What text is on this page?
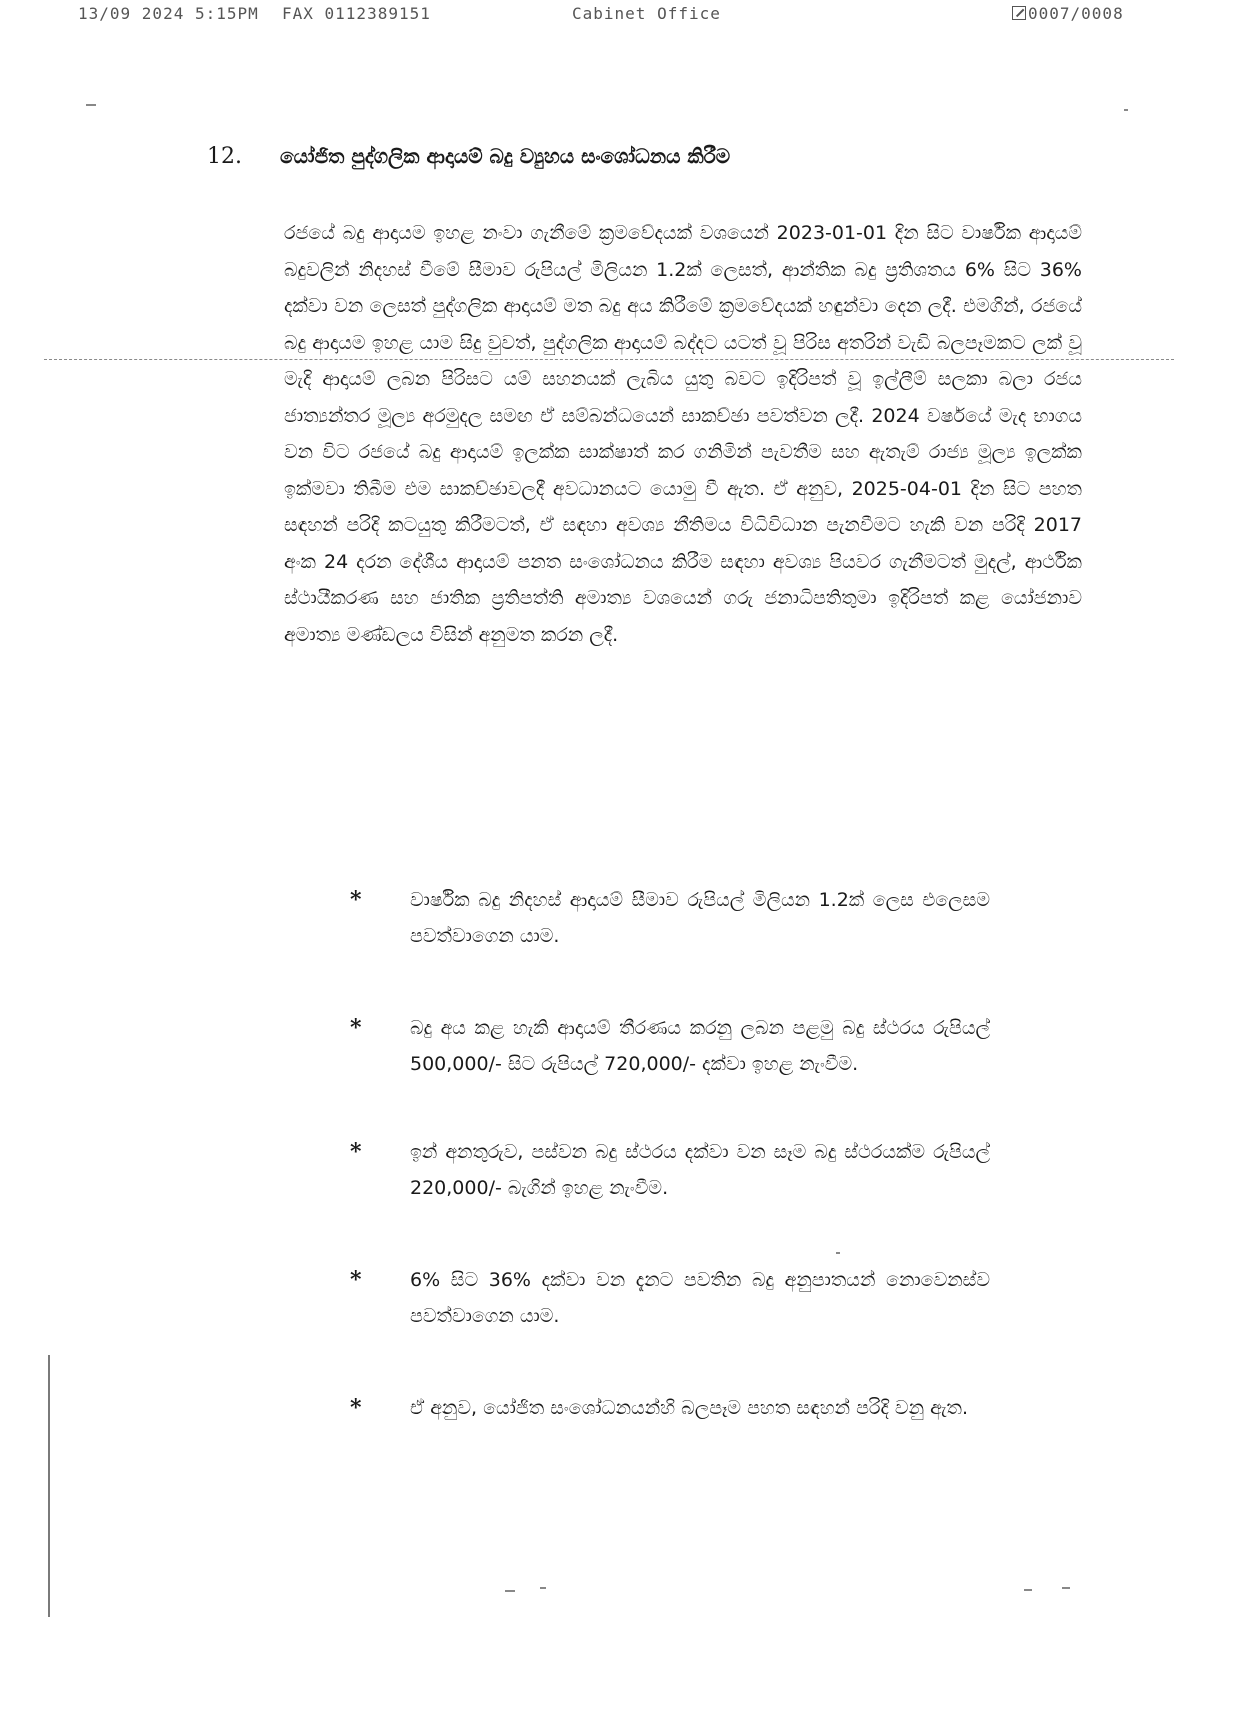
13/09 2024 5:15PM FAX 0112389151	Cabinet Office	0007/0008
12. යෝජිත පුද්ගලික ආදායම් බදු ව්‍යුහය සංශෝධනය කිරීම

රජයේ බදු ආදායම ඉහළ නංවා ගැනීමේ ක්‍රමවේදයක් වශයෙන් 2023-01-01 දින සිට වාර්ෂික ආදායම් බදුවලින් නිදහස් වීමේ සීමාව රුපියල් මිලියන 1.2ක් ලෙසත්, ආන්තික බදු ප්‍රතිශතය 6% සිට 36% දක්වා වන ලෙසත් පුද්ගලික ආදායම් මත බදු අය කිරීමේ ක්‍රමවේදයක් හඳුන්වා දෙන ලදී. එමගින්, රජයේ බදු ආදායම ඉහළ යාම සිදු වුවත්, පුද්ගලික ආදායම් බද්දට යටත් වූ පිරිස අතරින් වැඩි බලපෑමකට ලක් වූ මැදි ආදායම් ලබන පිරිසට යම් සහනයක් ලැබිය යුතු බවට ඉදිරිපත් වූ ඉල්ලීම් සලකා බලා රජය ජාත්‍යන්තර මූල්‍ය අරමුදල සමඟ ඒ සම්බන්ධයෙන් සාකච්ඡා පවත්වන ලදී. 2024 වර්ෂයේ මැද භාගය වන විට රජයේ බදු ආදායම් ඉලක්ක සාක්ෂාත් කර ගනිමින් පැවතීම සහ ඇතැම් රාජ්‍ය මූල්‍ය ඉලක්ක ඉක්මවා තිබීම එම සාකච්ඡාවලදී අවධානයට යොමු වී ඇත. ඒ අනුව, 2025-04-01 දින සිට පහත සඳහන් පරිදි කටයුතු කිරීමටත්, ඒ සඳහා අවශ්‍ය නීතිමය විධිවිධාන පැනවීමට හැකි වන පරිදි 2017 අංක 24 දරන දේශීය ආදායම් පනත සංශෝධනය කිරීම සඳහා අවශ්‍ය පියවර ගැනීමටත් මුදල්, ආර්ථික ස්ථායීකරණ සහ ජාතික ප්‍රතිපත්ති අමාත්‍ය වශයෙන් ගරු ජනාධිපතිතුමා ඉදිරිපත් කළ යෝජනාව අමාත්‍ය මණ්ඩලය විසින් අනුමත කරන ලදී.

*	වාර්ෂික බදු නිදහස් ආදායම් සීමාව රුපියල් මිලියන 1.2ක් ලෙස එලෙසම පවත්වාගෙන යාම.
*	බදු අය කළ හැකි ආදායම් තීරණය කරනු ලබන පළමු බදු ස්ථරය රුපියල් 500,000/- සිට රුපියල් 720,000/- දක්වා ඉහළ නැංවීම.
*	ඉන් අනතුරුව, පස්වන බදු ස්ථරය දක්වා වන සෑම බදු ස්ථරයක්ම රුපියල් 220,000/- බැගින් ඉහළ නැංවීම.
*	6% සිට 36% දක්වා වන දැනට පවතින බදු අනුපාතයන් නොවෙනස්ව පවත්වාගෙන යාම.
*	ඒ අනුව, යෝජිත සංශෝධනයන්හි බලපෑම පහත සඳහන් පරිදි වනු ඇත.
